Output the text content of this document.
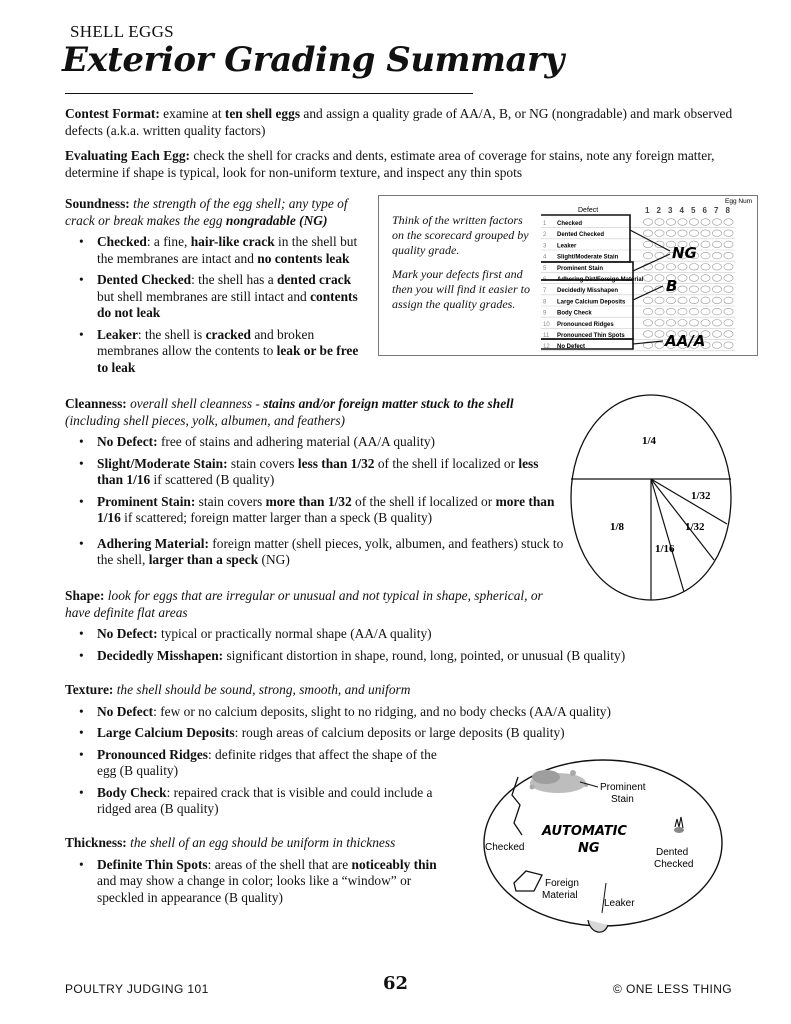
SHELL EGGS
Exterior Grading Summary

Contest Format: examine at ten shell eggs and assign a quality grade of AA/A, B, or NG (nongradable) and mark observed defects (a.k.a. written quality factors)

Evaluating Each Egg: check the shell for cracks and dents, estimate area of coverage for stains, note any foreign matter, determine if shape is typical, look for non-uniform texture, and inspect any thin spots

Soundness: the strength of the egg shell; any type of crack or break makes the egg nongradable (NG)

• Checked: a fine, hair-like crack in the shell but the membranes are intact and no contents leak
• Dented Checked: the shell has a dented crack but shell membranes are still intact and contents do not leak
• Leaker: the shell is cracked and broken membranes allow the contents to leak or be free to leak

Think of the written factors on the scorecard grouped by quality grade.

Mark your defects first and then you will find it easier to assign the quality grades.

Defect
Egg Num
1 2 3 4 5 6 7 8
1 Checked
2 Dented Checked
3 Leaker
4 Slight/Moderate Stain
5 Prominent Stain
6 Adhering Dirt/Foreign Material
7 Decidedly Misshapen
8 Large Calcium Deposits
9 Body Check
10 Pronounced Ridges
11 Pronounced Thin Spots
12 No Defect
NG
B
AA/A

Cleanness: overall shell cleanness - stains and/or foreign matter stuck to the shell (including shell pieces, yolk, albumen, and feathers)

• No Defect: free of stains and adhering material (AA/A quality)
• Slight/Moderate Stain: stain covers less than 1/32 of the shell if localized or less than 1/16 if scattered (B quality)
• Prominent Stain: stain covers more than 1/32 of the shell if localized or more than 1/16 if scattered; foreign matter larger than a speck (B quality)
• Adhering Material: foreign matter (shell pieces, yolk, albumen, and feathers) stuck to the shell, larger than a speck (NG)
1/4
1/8
1/16
1/32
1/32

Shape: look for eggs that are irregular or unusual and not typical in shape, spherical, or have definite flat areas

• No Defect: typical or practically normal shape (AA/A quality)
• Decidedly Misshapen: significant distortion in shape, round, long, pointed, or unusual (B quality)

Texture: the shell should be sound, strong, smooth, and uniform

• No Defect: few or no calcium deposits, slight to no ridging, and no body checks (AA/A quality)
• Large Calcium Deposits: rough areas of calcium deposits or large deposits (B quality)
• Pronounced Ridges: definite ridges that affect the shape of the egg (B quality)
• Body Check: repaired crack that is visible and could include a ridged area (B quality)

Thickness: the shell of an egg should be uniform in thickness

• Definite Thin Spots: areas of the shell that are noticeably thin and may show a change in color; looks like a “window” or speckled in appearance (B quality)
AUTOMATIC
NG
Prominent
Stain
Checked	Dented
Checked
Foreign
Material
Leaker
POULTRY JUDGING 101	62	© ONE LESS THING
